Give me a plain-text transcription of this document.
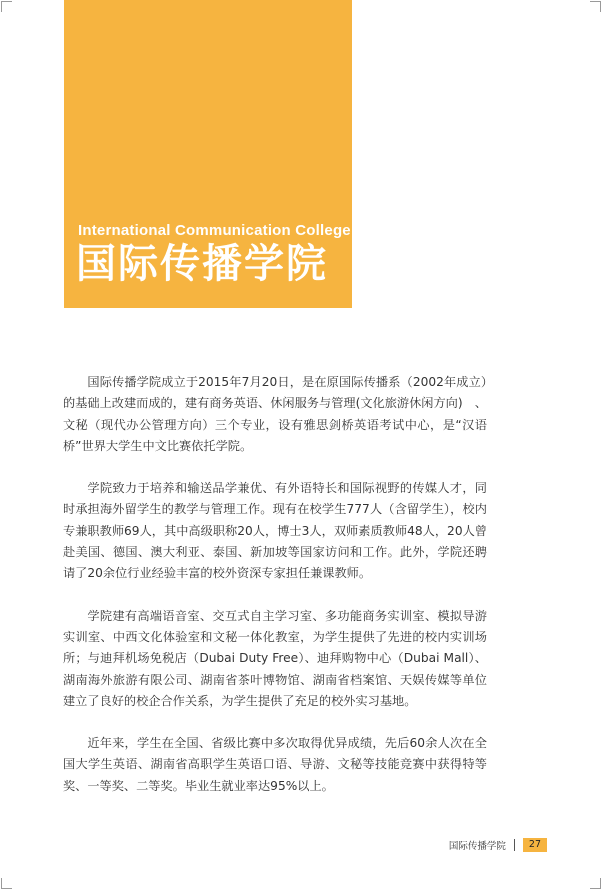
International Communication College
国际传播学院

国际传播学院成立于2015年7月20日，是在原国际传播系（2002年成立）的基础上改建而成的，建有商务英语、休闲服务与管理(文化旅游休闲方向)　、文秘（现代办公管理方向）三个专业，设有雅思剑桥英语考试中心，是“汉语桥”世界大学生中文比赛依托学院。

学院致力于培养和输送品学兼优、有外语特长和国际视野的传媒人才，同时承担海外留学生的教学与管理工作。现有在校学生777人（含留学生），校内专兼职教师69人，其中高级职称20人，博士3人，双师素质教师48人，20人曾赴美国、德国、澳大利亚、泰国、新加坡等国家访问和工作。此外，学院还聘请了20余位行业经验丰富的校外资深专家担任兼课教师。

学院建有高端语音室、交互式自主学习室、多功能商务实训室、模拟导游实训室、中西文化体验室和文秘一体化教室，为学生提供了先进的校内实训场所；与迪拜机场免税店（Dubai Duty Free）、迪拜购物中心（Dubai Mall）、湖南海外旅游有限公司、湖南省茶叶博物馆、湖南省档案馆、天娱传媒等单位建立了良好的校企合作关系，为学生提供了充足的校外实习基地。

近年来，学生在全国、省级比赛中多次取得优异成绩，先后60余人次在全国大学生英语、湖南省高职学生英语口语、导游、文秘等技能竞赛中获得特等奖、一等奖、二等奖。毕业生就业率达95%以上。

国际传播学院	27
